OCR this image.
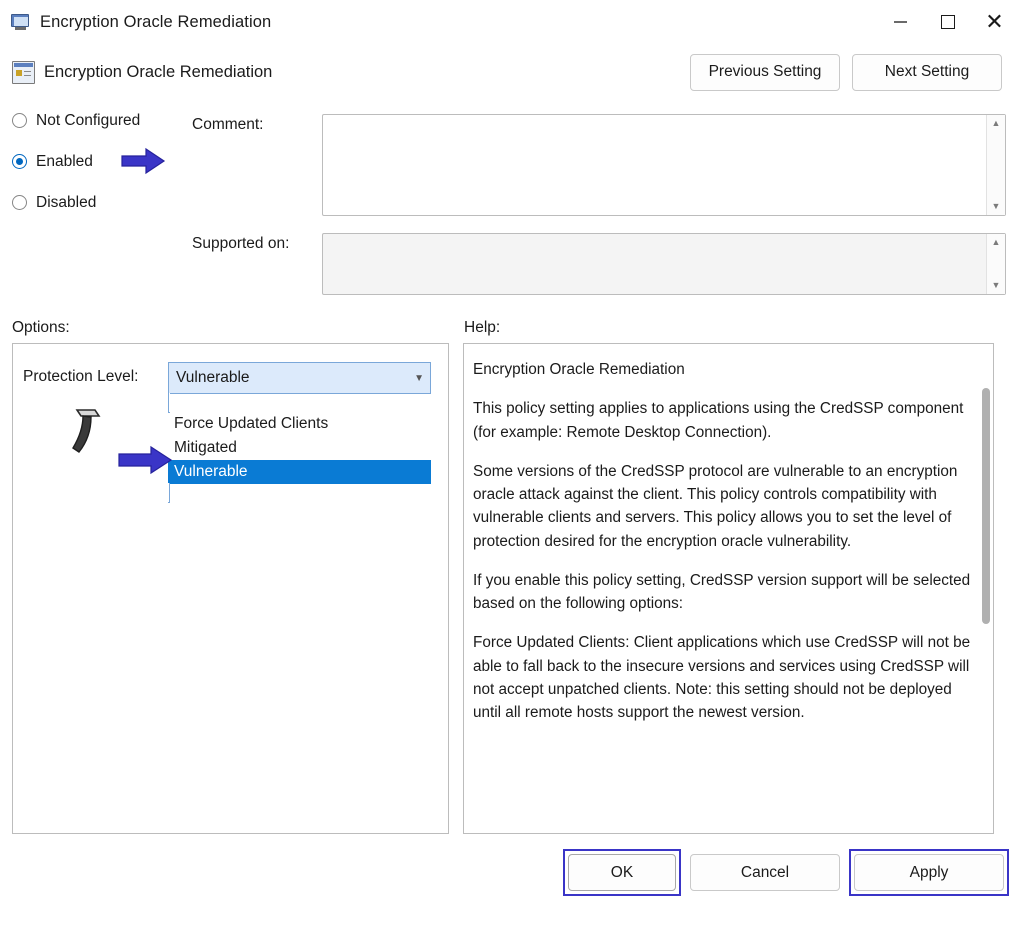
Encryption Oracle Remediation	✕
Encryption Oracle Remediation	Previous Setting	Next Setting
Not Configured
Enabled
Disabled
Comment:	▲
▼
Supported on:	▲
▼
Options:	Help:
Protection Level:	Vulnerable	▼
Force Updated Clients
Mitigated
Vulnerable

Encryption Oracle Remediation

This policy setting applies to applications using the CredSSP component (for example: Remote Desktop Connection).

Some versions of the CredSSP protocol are vulnerable to an encryption oracle attack against the client. This policy controls compatibility with vulnerable clients and servers. This policy allows you to set the level of protection desired for the encryption oracle vulnerability.

If you enable this policy setting, CredSSP version support will be selected based on the following options:

Force Updated Clients: Client applications which use CredSSP will not be able to fall back to the insecure versions and services using CredSSP will not accept unpatched clients. Note: this setting should not be deployed until all remote hosts support the newest version.

OK	Cancel	Apply
